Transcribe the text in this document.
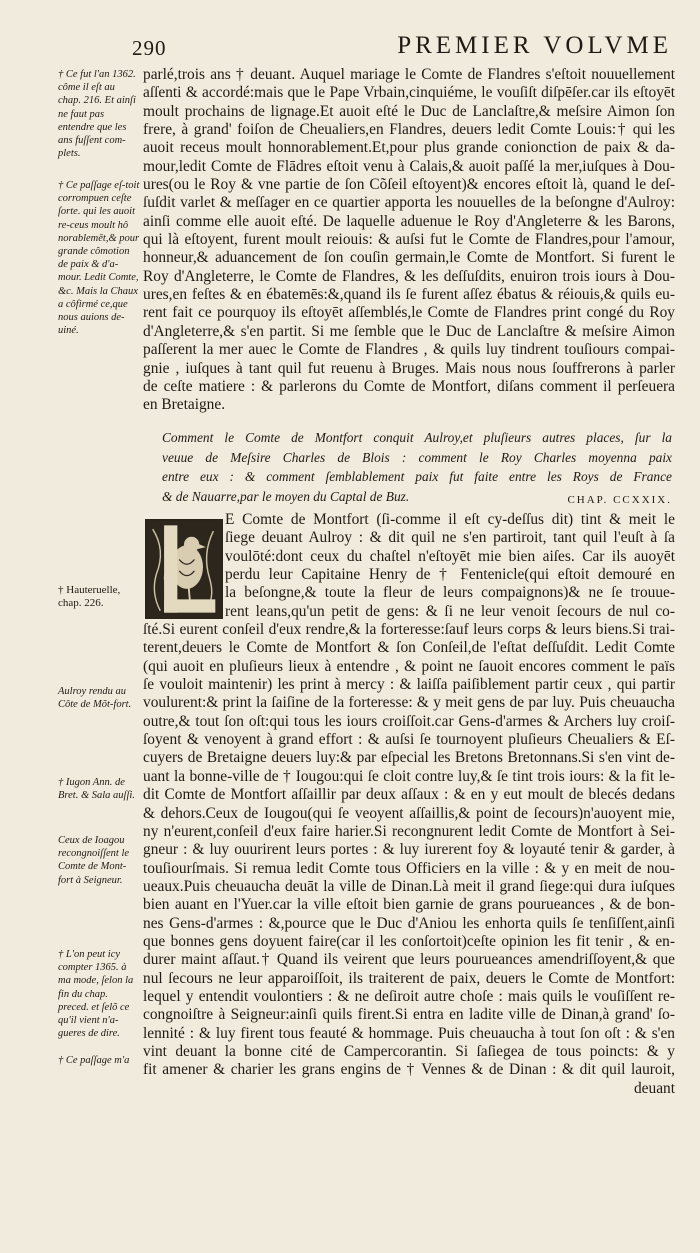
290	PREMIER VOLVME
† Ce fut l'an 1362. côme il eſt au chap. 216. Et ainſi ne faut pas entendre que les ans fuſſent com-plets.
† Ce paſſage eſ-toit corrompuen ceſte ſorte. qui les auoit re-ceus moult hô norablemēt,& pour grande cômotion de paix & d'a-mour. Ledit Comte, &c. Mais la Chaux a côfirmé ce,que nous auions de-uiné.
† Hauteruelle, chap. 226.
Aulroy rendu au Côte de Mõt-fort.
† Iugon Ann. de Bret. & Sala auſſi.
Ceux de Ioagou recongnoiſſent le Comte de Mont-fort à Seigneur.
† L'on peut icy compter 1365. à ma mode, ſelon la fin du chap. preced. et ſelõ ce qu'il vient n'a-gueres de dire.
† Ce paſſage m'a
parlé,trois ans † deuant. Auquel mariage le Comte de Flandres s'eſtoit nouuellement
aſſenti & accordé:mais que le Pape Vrbain,cinquiéme, le vouſiſt diſpēſer.car ils eſtoyēt
moult prochains de lignage.Et auoit eſté le Duc de Lanclaſtre,& meſsire Aimon ſon
frere, à grand' foiſon de Cheualiers,en Flandres, deuers ledit Comte Louis:† qui les
auoit receus moult honnorablement.Et,pour plus grande conionction de paix & da-
mour,ledit Comte de Flādres eſtoit venu à Calais,& auoit paſſé la mer,iuſques à Dou-
ures(ou le Roy & vne partie de ſon Cõſeil eſtoyent)& encores eſtoit là, quand le deſ-
ſuſdit varlet & meſſager en ce quartier apporta les nouuelles de la beſongne d'Aulroy:
ainſi comme elle auoit eſté. De laquelle aduenue le Roy d'Angleterre & les Barons,
qui là eſtoyent, furent moult reiouis: & auſsi fut le Comte de Flandres,pour l'amour,
honneur,& aduancement de ſon couſin germain,le Comte de Montfort. Si furent le
Roy d'Angleterre, le Comte de Flandres, & les deſſuſdits, enuiron trois iours à Dou-
ures,en feſtes & en ébatemēs:&,quand ils ſe furent aſſez ébatus & réiouis,& quils eu-
rent fait ce pourquoy ils eſtoyēt aſſemblés,le Comte de Flandres print congé du Roy
d'Angleterre,& s'en partit. Si me ſemble que le Duc de Lanclaſtre & meſsire Aimon
paſſerent la mer auec le Comte de Flandres , & quils luy tindrent touſiours compai-
gnie , iuſques à tant quil fut reuenu à Bruges. Mais nous nous ſouffrerons à parler
de ceſte matiere : & parlerons du Comte de Montfort, diſans comment il perſeuera
en Bretaigne.
Comment le Comte de Montfort conquit Aulroy,et pluſieurs autres places, ſur la
veuue de Meſsire Charles de Blois : comment le Roy Charles moyenna paix
entre eux : & comment ſemblablement paix fut faite entre les Roys de France
& de Nauarre,par le moyen du Captal de Buz.	CHAP. CCXXIX.
E Comte de Montfort (ſi-comme il eſt cy-deſſus dit) tint & meit le
ſiege deuant Aulroy : & dit quil ne s'en partiroit, tant quil l'euſt à ſa
voulōté:dont ceux du chaſtel n'eſtoyēt mie bien aiſes. Car ils auoyēt
perdu leur Capitaine Henry de † Fentenicle(qui eſtoit demouré en
la beſongne,& toute la fleur de leurs compaignons)& ne ſe trouue-
rent leans,qu'un petit de gens: & ſi ne leur venoit ſecours de nul co-
ſté.Si eurent conſeil d'eux rendre,& la forteresse:ſauf leurs corps & leurs biens.Si trai-
terent,deuers le Comte de Montfort & ſon Conſeil,de l'eſtat deſſuſdit. Ledit Comte
(qui auoit en pluſieurs lieux à entendre , & point ne ſauoit encores comment le païs
ſe vouloit maintenir) les print à mercy : & laiſſa paiſiblement partir ceux , qui partir
voulurent:& print la ſaiſine de la forteresse: & y meit gens de par luy. Puis cheuaucha
outre,& tout ſon oſt:qui tous les iours croiſſoit.car Gens-d'armes & Archers luy croiſ-
ſoyent & venoyent à grand effort : & auſsi ſe tournoyent pluſieurs Cheualiers & Eſ-
cuyers de Bretaigne deuers luy:& par eſpecial les Bretons Bretonnans.Si s'en vint de-
uant la bonne-ville de † Iougou:qui ſe cloit contre luy,& ſe tint trois iours: & la fit le-
dit Comte de Montfort aſſaillir par deux aſſaux : & en y eut moult de blecés dedans
& dehors.Ceux de Iougou(qui ſe veoyent aſſaillis,& point de ſecours)n'auoyent mie,
ny n'eurent,conſeil d'eux faire harier.Si recongnurent ledit Comte de Montfort à Sei-
gneur : & luy ouurirent leurs portes : & luy iurerent foy & loyauté tenir & garder, à
touſiourſmais. Si remua ledit Comte tous Officiers en la ville : & y en meit de nou-
ueaux.Puis cheuaucha deuāt la ville de Dinan.Là meit il grand ſiege:qui dura iuſques
bien auant en l'Yuer.car la ville eſtoit bien garnie de grans pourueances , & de bon-
nes Gens-d'armes : &,pource que le Duc d'Aniou les enhorta quils ſe tenſiſſent,ainſi
que bonnes gens doyuent faire(car il les conſortoit)ceſte opinion les fit tenir , & en-
durer maint aſſaut.† Quand ils veirent que leurs pourueances amendriſſoyent,& que
nul ſecours ne leur apparoiſſoit, ils traiterent de paix, deuers le Comte de Montfort:
lequel y entendit voulontiers : & ne deſiroit autre choſe : mais quils le vouſiſſent re-
congnoiſtre à Seigneur:ainſi quils firent.Si entra en ladite ville de Dinan,à grand' ſo-
lennité : & luy firent tous feauté & hommage. Puis cheuaucha à tout ſon oſt : & s'en
vint deuant la bonne cité de Campercorantin. Si ſaſiegea de tous poincts: & y
fit amener & charier les grans engins de † Vennes & de Dinan : & dit quil lauroit,
deuant
